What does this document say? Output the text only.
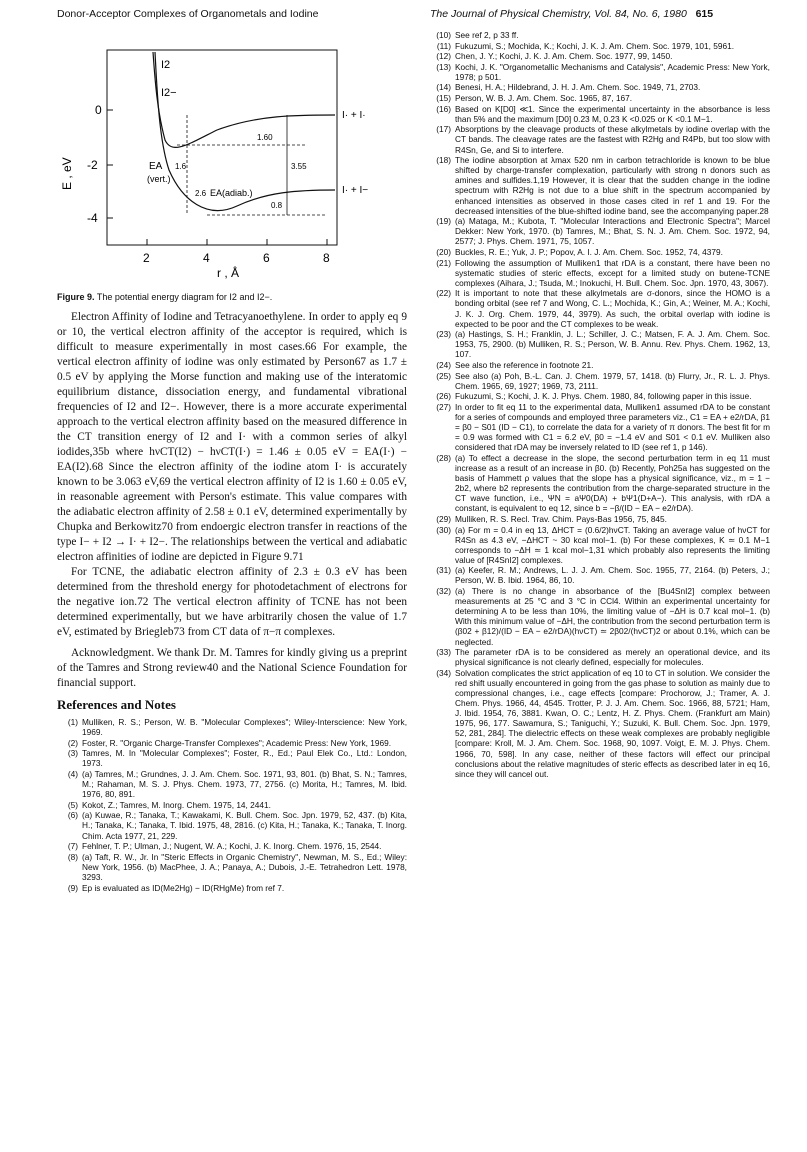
Donor-Acceptor Complexes of Organometals and Iodine	The Journal of Physical Chemistry, Vol. 84, No. 6, 1980 615
0
-2
-4
2	4	6	8
r , Å
E , eV
I2
I2−
I· + I·
I· + I−
EA
(vert.)
EA(adiab.)
1.60
1.6	3.55
2.6
0.8
Figure 9. The potential energy diagram for I2 and I2−.

Electron Affinity of Iodine and Tetracyanoethylene. In order to apply eq 9 or 10, the vertical electron affinity of the acceptor is required, which is difficult to measure experimentally in most cases.66 For example, the vertical electron affinity of iodine was only estimated by Person67 as 1.7 ± 0.5 eV by applying the Morse function and making use of the interatomic equilibrium distance, dissociation energy, and fundamental vibrational frequencies of I2 and I2−. However, there is a more accurate experimental approach to the vertical electron affinity based on the measured difference in the CT transition energy of I2 and I· with a common series of alkyl iodides,35b where hνCT(I2) − hνCT(I·) = 1.46 ± 0.05 eV = EA(I·) − EA(I2).68 Since the electron affinity of the iodine atom I· is accurately known to be 3.063 eV,69 the vertical electron affinity of I2 is 1.60 ± 0.05 eV, in reasonable agreement with Person's estimate. This value compares with the adiabatic electron affinity of 2.58 ± 0.1 eV, determined experimentally by Chupka and Berkowitz70 from endoergic electron transfer in reactions of the type I− + I2 → I· + I2−. The relationships between the vertical and adiabatic electron affinities of iodine are depicted in Figure 9.71

For TCNE, the adiabatic electron affinity of 2.3 ± 0.3 eV has been determined from the threshold energy for photodetachment of electrons for the negative ion.72 The vertical electron affinity of TCNE has not been determined experimentally, but we have arbitrarily chosen the value of 1.7 eV, estimated by Briegleb73 from CT data of π−π complexes.

Acknowledgment. We thank Dr. M. Tamres for kindly giving us a preprint of the Tamres and Strong review40 and the National Science Foundation for financial support.

References and Notes
(1) Mulliken, R. S.; Person, W. B. "Molecular Complexes"; Wiley-Interscience: New York, 1969.
(2) Foster, R. "Organic Charge-Transfer Complexes"; Academic Press: New York, 1969.
(3) Tamres, M. In "Molecular Complexes"; Foster, R., Ed.; Paul Elek Co., Ltd.: London, 1973.
(4) (a) Tamres, M.; Grundnes, J. J. Am. Chem. Soc. 1971, 93, 801. (b) Bhat, S. N.; Tamres, M.; Rahaman, M. S. J. Phys. Chem. 1973, 77, 2756. (c) Morita, H.; Tamres, M. Ibid. 1976, 80, 891.
(5) Kokot, Z.; Tamres, M. Inorg. Chem. 1975, 14, 2441.
(6) (a) Kuwae, R.; Tanaka, T.; Kawakami, K. Bull. Chem. Soc. Jpn. 1979, 52, 437. (b) Kita, H.; Tanaka, K.; Tanaka, T. Ibid. 1975, 48, 2816. (c) Kita, H.; Tanaka, K.; Tanaka, T. Inorg. Chim. Acta 1977, 21, 229.
(7) Fehlner, T. P.; Ulman, J.; Nugent, W. A.; Kochi, J. K. Inorg. Chem. 1976, 15, 2544.
(8) (a) Taft, R. W., Jr. In "Steric Effects in Organic Chemistry", Newman, M. S., Ed.; Wiley: New York, 1956. (b) MacPhee, J. A.; Panaya, A.; Dubois, J.-E. Tetrahedron Lett. 1978, 3293.
(9) Ep is evaluated as ID(Me2Hg) − ID(RHgMe) from ref 7.
(10) See ref 2, p 33 ff.
(11) Fukuzumi, S.; Mochida, K.; Kochi, J. K. J. Am. Chem. Soc. 1979, 101, 5961.
(12) Chen, J. Y.; Kochi, J. K. J. Am. Chem. Soc. 1977, 99, 1450.
(13) Kochi, J. K. "Organometallic Mechanisms and Catalysis", Academic Press: New York, 1978; p 501.
(14) Benesi, H. A.; Hildebrand, J. H. J. Am. Chem. Soc. 1949, 71, 2703.
(15) Person, W. B. J. Am. Chem. Soc. 1965, 87, 167.
(16) Based on K[D0] ≪1. Since the experimental uncertainty in the absorbance is less than 5% and the maximum [D0] 0.23 M, 0.23 K <0.025 or K <0.1 M−1.
(17) Absorptions by the cleavage products of these alkylmetals by iodine overlap with the CT bands. The cleavage rates are the fastest with R2Hg and R4Pb, but too slow with R4Sn, Ge, and Si to interfere.
(18) The iodine absorption at λmax 520 nm in carbon tetrachloride is known to be blue shifted by charge-transfer complexation, particularly with strong n donors such as amines and sulfides.1,19 However, it is clear that the sudden change in the iodine spectrum with R2Hg is not due to a blue shift in the spectrum accompanied by enhanced intensities as observed in those cases cited in ref 1 and 19. For the decreased intensities of the blue-shifted iodine band, see the accompanying paper.28
(19) (a) Mataga, M.; Kubota, T. "Molecular Interactions and Electronic Spectra"; Marcel Dekker: New York, 1970. (b) Tamres, M.; Bhat, S. N. J. Am. Chem. Soc. 1972, 94, 2577; J. Phys. Chem. 1971, 75, 1057.
(20) Buckles, R. E.; Yuk, J. P.; Popov, A. I. J. Am. Chem. Soc. 1952, 74, 4379.
(21) Following the assumption of Mulliken1 that rDA is a constant, there have been no systematic studies of steric effects, except for a limited study on butene-TCNE complexes (Aihara, J.; Tsuda, M.; Inokuchi, H. Bull. Chem. Soc. Jpn. 1970, 43, 3067).
(22) It is important to note that these alkylmetals are σ-donors, since the HOMO is a bonding orbital (see ref 7 and Wong, C. L.; Mochida, K.; Gin, A.; Weiner, M. A.; Kochi, J. K. J. Org. Chem. 1979, 44, 3979). As such, the orbital overlap with iodine is expected to be poor and the CT complexes to be weak.
(23) (a) Hastings, S. H.; Franklin, J. L.; Schiller, J. C.; Matsen, F. A. J. Am. Chem. Soc. 1953, 75, 2900. (b) Mulliken, R. S.; Person, W. B. Annu. Rev. Phys. Chem. 1962, 13, 107.
(24) See also the reference in footnote 21.
(25) See also (a) Poh, B.-L. Can. J. Chem. 1979, 57, 1418. (b) Flurry, Jr., R. L. J. Phys. Chem. 1965, 69, 1927; 1969, 73, 2111.
(26) Fukuzumi, S.; Kochi, J. K. J. Phys. Chem. 1980, 84, following paper in this issue.
(27) In order to fit eq 11 to the experimental data, Mulliken1 assumed rDA to be constant for a series of compounds and employed three parameters viz., C1 = EA + e2/rDA, β1 = β0 − S01 (ID − C1), to correlate the data for a variety of π donors. The best fit for m = 0.9 was formed with C1 = 6.2 eV, β0 = −1.4 eV and S01 < 0.1 eV. Mulliken also considered that rDA may be inversely related to ID (see ref 1, p 146).
(28) (a) To effect a decrease in the slope, the second perturbation term in eq 11 must increase as a result of an increase in β0. (b) Recently, Poh25a has suggested on the basis of Hammett ρ values that the slope has a physical significance, viz., m = 1 − 2b2, where b2 represents the contribution from the charge-separated structure in the CT wave function, i.e., ΨN = aΨ0(DA) + bΨ1(D+A−). This analysis, with rDA a constant, is equivalent to eq 12, since b = −β/(ID − EA − e2/rDA).
(29) Mulliken, R. S. Recl. Trav. Chim. Pays-Bas 1956, 75, 845.
(30) (a) For m = 0.4 in eq 13, ΔHCT = (0.6/2)hνCT. Taking an average value of hνCT for R4Sn as 4.3 eV, −ΔHCT ~ 30 kcal mol−1. (b) For these complexes, K ≃ 0.1 M−1 corresponds to −ΔH ≃ 1 kcal mol−1,31 which probably also represents the limiting value of [R4SnI2] complexes.
(31) (a) Keefer, R. M.; Andrews, L. J. J. Am. Chem. Soc. 1955, 77, 2164. (b) Peters, J.; Person, W. B. Ibid. 1964, 86, 10.
(32) (a) There is no change in absorbance of the [Bu4SnI2] complex between measurements at 25 °C and 3 °C in CCl4. Within an experimental uncertainty for determining A to be less than 10%, the limiting value of −ΔH is 0.7 kcal mol−1. (b) With this minimum value of −ΔH, the contribution from the second perturbation term is (β02 + β12)/(ID − EA − e2/rDA)(hνCT) ≃ 2β02/(hνCT)2 or about 0.1%, which can be neglected.
(33) The parameter rDA is to be considered as merely an operational device, and its physical significance is not clearly defined, especially for molecules.
(34) Solvation complicates the strict application of eq 10 to CT in solution. We consider the red shift usually encountered in going from the gas phase to solution as mainly due to compressional changes, i.e., cage effects [compare: Prochorow, J.; Tramer, A. J. Chem. Phys. 1966, 44, 4545. Trotter, P. J. J. Am. Chem. Soc. 1966, 88, 5721; Ham, J. Ibid. 1954, 76, 3881. Kwan, O. C.; Lentz, H. Z. Phys. Chem. (Frankfurt am Main) 1975, 96, 177. Sawamura, S.; Taniguchi, Y.; Suzuki, K. Bull. Chem. Soc. Jpn. 1979, 52, 281, 284]. The dielectric effects on these weak complexes are probably negligible [compare: Kroll, M. J. Am. Chem. Soc. 1968, 90, 1097. Voigt, E. M. J. Phys. Chem. 1966, 70, 598]. In any case, neither of these factors will effect our principal conclusions about the relative magnitudes of steric effects as described later in eq 16, since they will cancel out.
